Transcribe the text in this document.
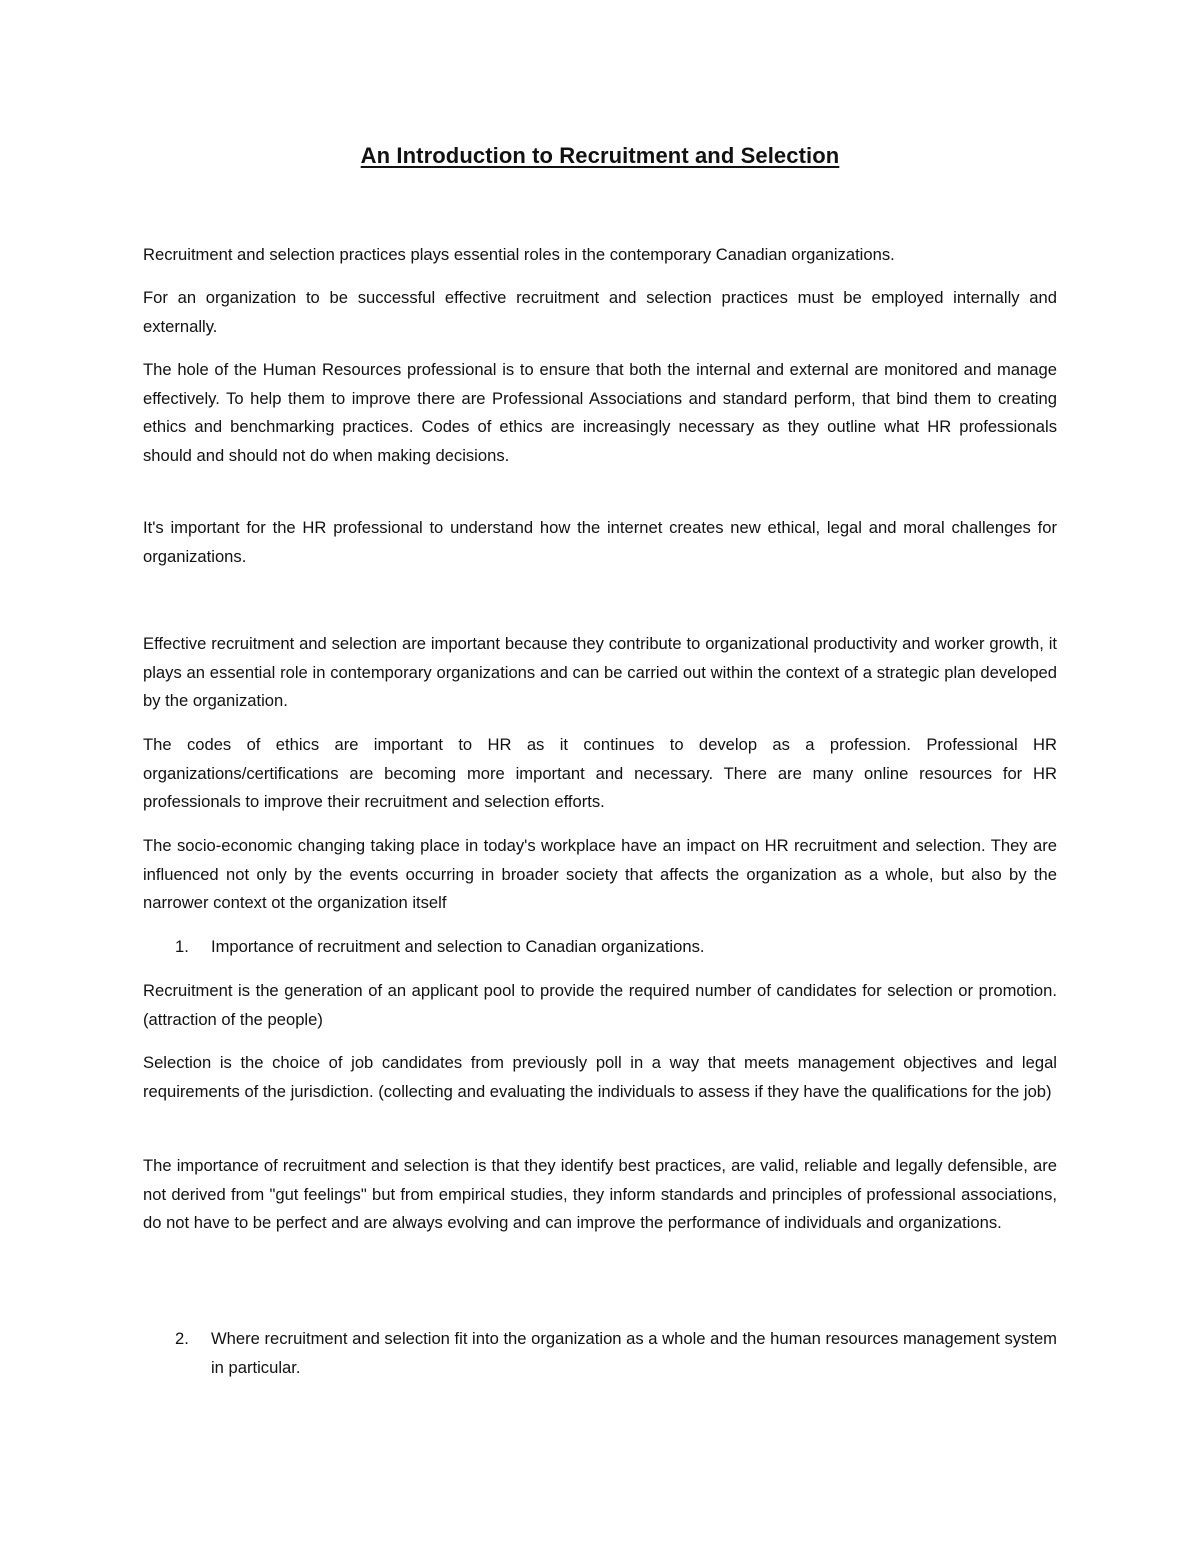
An Introduction to Recruitment and Selection

Recruitment and selection practices plays essential roles in the contemporary Canadian organizations.

For an organization to be successful effective recruitment and selection practices must be employed internally and externally.

The hole of the Human Resources professional is to ensure that both the internal and external are monitored and manage effectively. To help them to improve there are Professional Associations and standard perform, that bind them to creating ethics and benchmarking practices. Codes of ethics are increasingly necessary as they outline what HR professionals should and should not do when making decisions.

It's important for the HR professional to understand how the internet creates new ethical, legal and moral challenges for organizations.

Effective recruitment and selection are important because they contribute to organizational productivity and worker growth, it plays an essential role in contemporary organizations and can be carried out within the context of a strategic plan developed by the organization.

The codes of ethics are important to HR as it continues to develop as a profession. Professional HR organizations/certifications are becoming more important and necessary. There are many online resources for HR professionals to improve their recruitment and selection efforts.

The socio-economic changing taking place in today's workplace have an impact on HR recruitment and selection. They are influenced not only by the events occurring in broader society that affects the organization as a whole, but also by the narrower context ot the organization itself

1.	Importance of recruitment and selection to Canadian organizations.

Recruitment is the generation of an applicant pool to provide the required number of candidates for selection or promotion. (attraction of the people)

Selection is the choice of job candidates from previously poll in a way that meets management objectives and legal requirements of the jurisdiction. (collecting and evaluating the individuals to assess if they have the qualifications for the job)

The importance of recruitment and selection is that they identify best practices, are valid, reliable and legally defensible, are not derived from "gut feelings" but from empirical studies, they inform standards and principles of professional associations, do not have to be perfect and are always evolving and can improve the performance of individuals and organizations.

2.	Where recruitment and selection fit into the organization as a whole and the human resources management system in particular.
